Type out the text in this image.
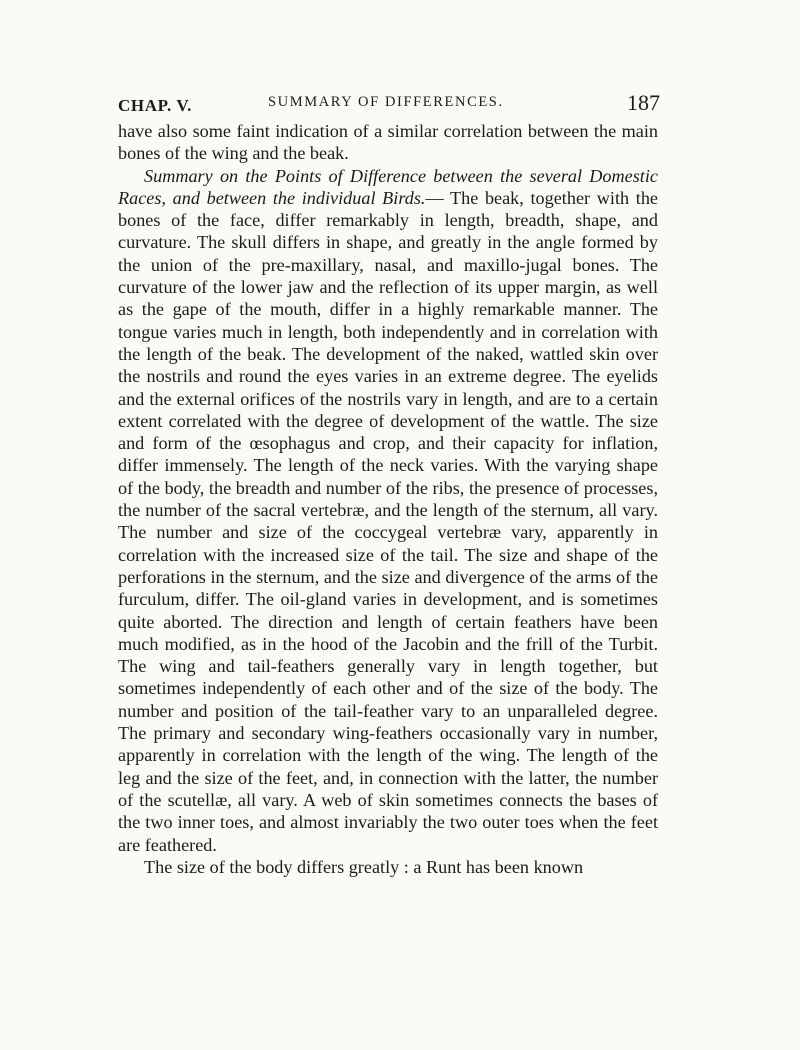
CHAP. V.	SUMMARY OF DIFFERENCES.	187

have also some faint indication of a similar correlation between the main bones of the wing and the beak.

Summary on the Points of Difference between the several Domestic Races, and between the individual Birds.— The beak, together with the bones of the face, differ remarkably in length, breadth, shape, and curvature. The skull differs in shape, and greatly in the angle formed by the union of the pre-maxillary, nasal, and maxillo-jugal bones. The curvature of the lower jaw and the reflection of its upper margin, as well as the gape of the mouth, differ in a highly remarkable manner. The tongue varies much in length, both independently and in correlation with the length of the beak. The development of the naked, wattled skin over the nostrils and round the eyes varies in an extreme degree. The eyelids and the external orifices of the nostrils vary in length, and are to a certain extent correlated with the degree of development of the wattle. The size and form of the œsophagus and crop, and their capacity for inflation, differ immensely. The length of the neck varies. With the varying shape of the body, the breadth and number of the ribs, the presence of processes, the number of the sacral vertebræ, and the length of the sternum, all vary. The number and size of the coccygeal vertebræ vary, apparently in correlation with the increased size of the tail. The size and shape of the perforations in the sternum, and the size and divergence of the arms of the furculum, differ. The oil-gland varies in development, and is sometimes quite aborted. The direction and length of certain feathers have been much modified, as in the hood of the Jacobin and the frill of the Turbit. The wing and tail-feathers generally vary in length together, but sometimes independently of each other and of the size of the body. The number and position of the tail-feather vary to an unparalleled degree. The primary and secondary wing-feathers occasionally vary in number, apparently in correlation with the length of the wing. The length of the leg and the size of the feet, and, in connection with the latter, the number of the scutellæ, all vary. A web of skin sometimes connects the bases of the two inner toes, and almost invariably the two outer toes when the feet are feathered.

The size of the body differs greatly : a Runt has been known
